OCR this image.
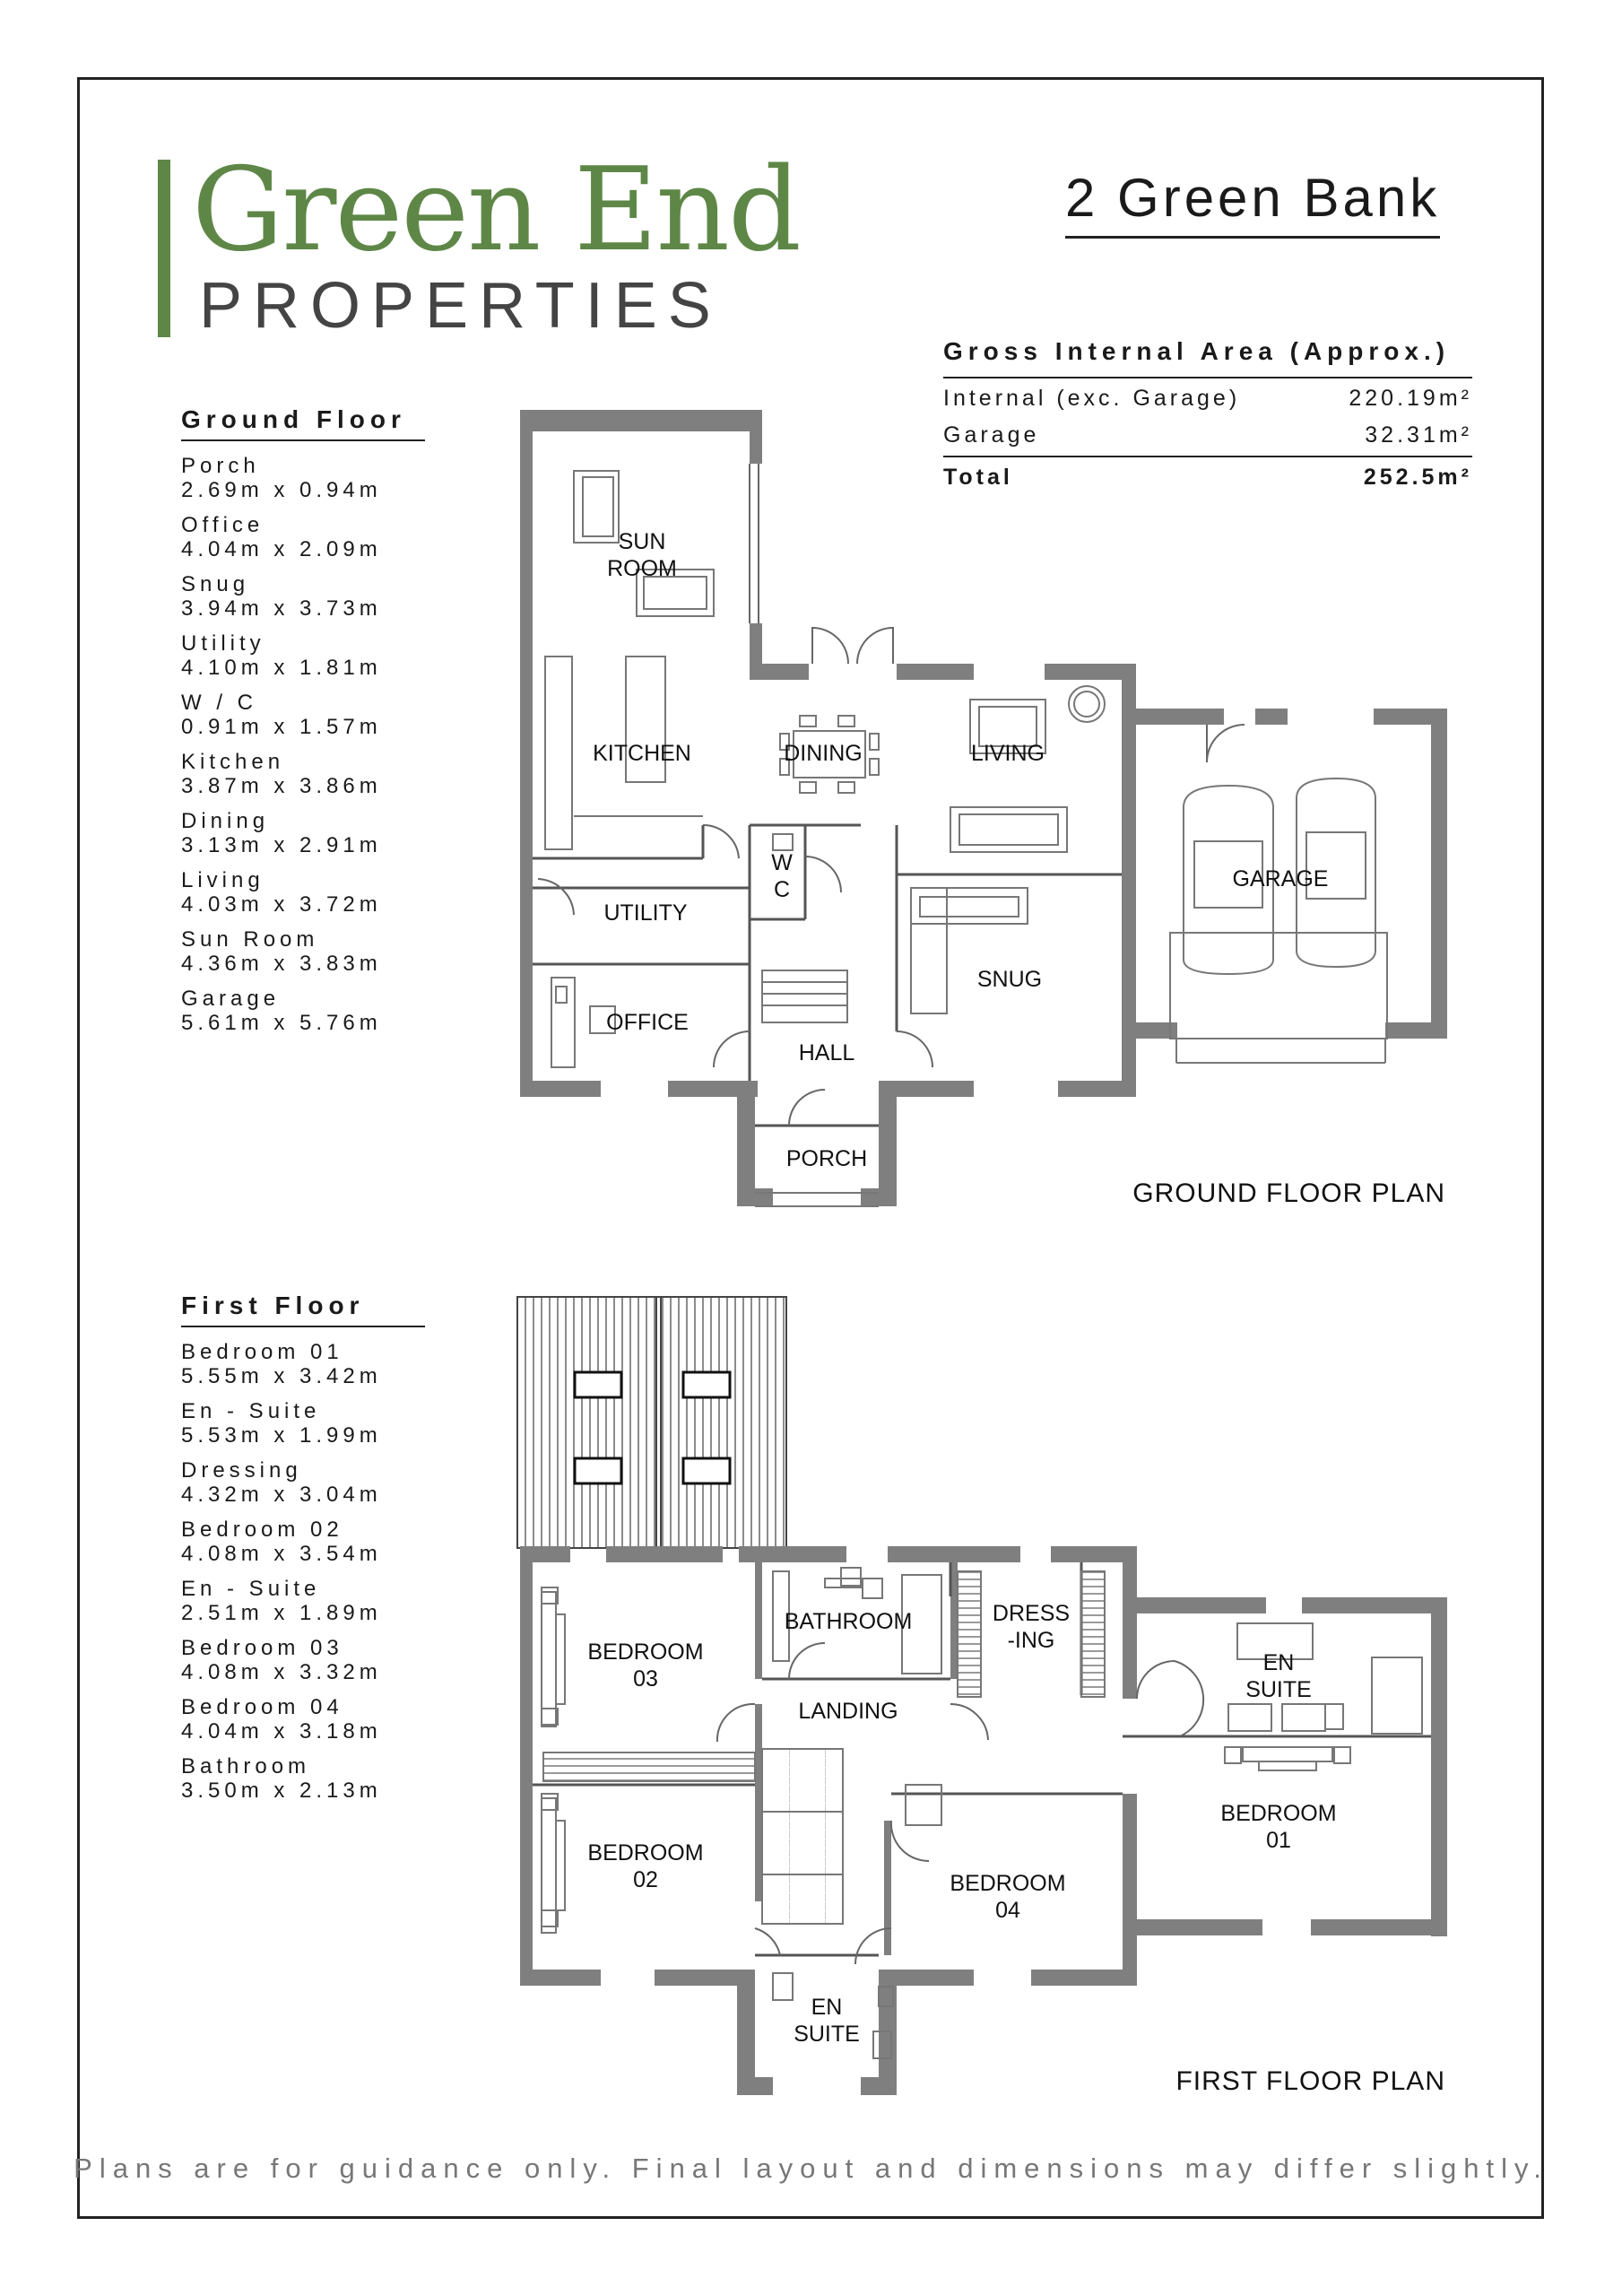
Green End
PROPERTIES
2 Green Bank
Gross Internal Area (Approx.)
Internal (exc. Garage)	220.19m²
Garage	32.31m²
Total	252.5m²
Ground Floor
Porch
2.69m x 0.94m
Office
4.04m x 2.09m
Snug
3.94m x 3.73m
Utility
4.10m x 1.81m
W / C
0.91m x 1.57m
Kitchen
3.87m x 3.86m
Dining
3.13m x 2.91m
Living
4.03m x 3.72m
Sun Room
4.36m x 3.83m
Garage
5.61m x 5.76m
First Floor
Bedroom 01
5.55m x 3.42m
En - Suite
5.53m x 1.99m
Dressing
4.32m x 3.04m
Bedroom 02
4.08m x 3.54m
En - Suite
2.51m x 1.89m
Bedroom 03
4.08m x 3.32m
Bedroom 04
4.04m x 3.18m
Bathroom
3.50m x 2.13m
SUN
ROOM
KITCHEN	DINING	LIVING
GARAGE
W
C
UTILITY
SNUG
OFFICE
HALL
PORCH
GROUND FLOOR PLAN
BATHROOM	DRESS
-ING
EN
SUITE
BEDROOM
03
LANDING
BEDROOM
01
BEDROOM
02	BEDROOM
04
EN
SUITE
FIRST FLOOR PLAN
Plans are for guidance only. Final layout and dimensions may differ slightly.
